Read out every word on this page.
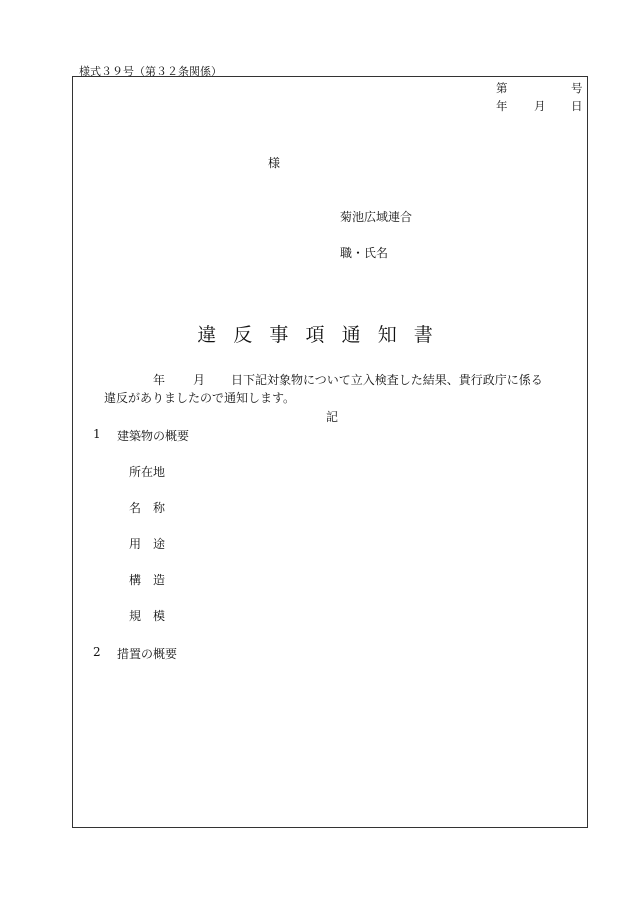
様式３９号（第３２条関係）
第	号
年 月 日
様
菊池広域連合
職・氏名
違反事項通知書
年 月 日下記対象物について立入検査した結果、貴行政庁に係る
違反がありましたので通知します。
記
1 建築物の概要
所在地
名　称
用　途
構　造
規　模
2 措置の概要
